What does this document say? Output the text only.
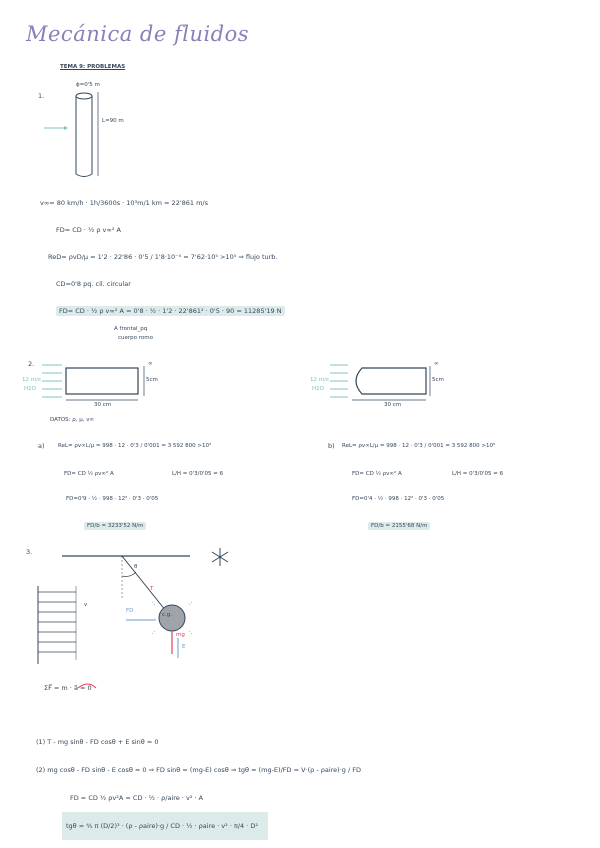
Mecánica de fluidos
TEMA 9: PROBLEMAS
1.
ϕ=0'5 m
L=90 m
v∞= 80 km/h · 1h/3600s · 10³m/1 km = 22'861 m/s
FD= CD · ½ ρ v∞² A
ReD= ρvD/μ = 1'2 · 22'86 · 0'5 / 1'8·10⁻⁵ = 7'62·10⁵ >10⁵ ⇒ flujo turb.
CD=0'8 pq. cil. circular
FD= CD · ½ ρ v∞² A = 0'8 · ½ · 1'2 · 22'861² · 0'5 · 90 = 11285'19 N
A frontal_pq
cuerpo romo
2.
12 m/s
H2O
5cm
∞
30 cm
12 m/s
H2O
5cm
∞
30 cm
DATOS: ρ, μ, v∞
a) ReL= ρv∞L/μ = 998 · 12 · 0'3 / 0'001 = 3 592 800 >10⁵
FD= CD ½ ρv∞² A	L/H = 0'3/0'05 = 6
FD=0'9 · ½ · 998 · 12² · 0'3 · 0'05
FD/b = 3233'52 N/m
b) ReL= ρv∞L/μ = 998 · 12 · 0'3 / 0'001 = 3 592 800 >10⁵
FD= CD ½ ρv∞² A	L/H = 0'3/0'05 = 6
FD=0'4 · ½ · 998 · 12² · 0'3 · 0'05
FD/b = 2155'68 N/m
3.
θ
T
v
FD
E
mg
c.g.
ΣF⃗ = m · a⃗ = 0
(1) T - mg sinθ - FD cosθ + E sinθ = 0
(2) mg cosθ - FD sinθ - E cosθ = 0 ⇒ FD sinθ = (mg-E) cosθ ⇒ tgθ = (mg-E)/FD = V·(ρ - ρaire)·g / FD
FD = CD ½ ρv²A = CD · ½ · ρ/aire · v² · A
tgθ = ⅘ π (D/2)³ · (ρ - ρaire)·g / CD · ½ · ρaire · v² · π/4 · D²
